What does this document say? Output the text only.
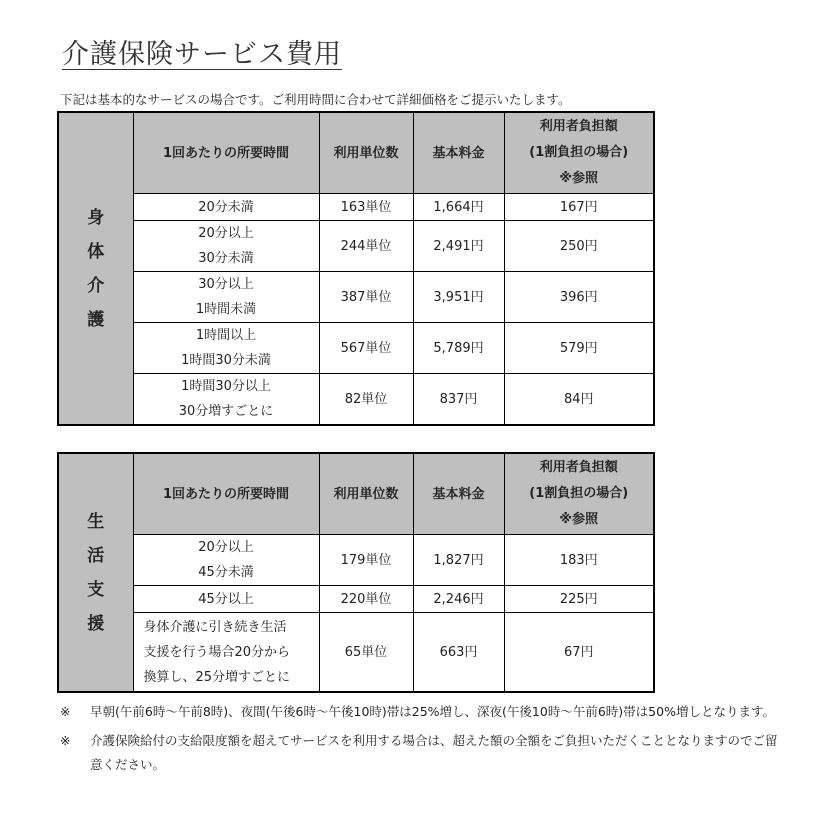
介護保険サービス費用
下記は基本的なサービスの場合です。ご利用時間に合わせて詳細価格をご提示いたします。
身
体
介
護	1回あたりの所要時間	利用単位数	基本料金	利用者負担額
(1割負担の場合)
※参照

	20分未満	163単位	1,664円	167円

	20分以上
30分未満	244単位	2,491円	250円

	30分以上
1時間未満	387単位	3,951円	396円

	1時間以上
1時間30分未満	567単位	5,789円	579円

	1時間30分以上
30分増すごとに	82単位	837円	84円
生
活
支
援	1回あたりの所要時間	利用単位数	基本料金	利用者負担額
(1割負担の場合)
※参照

	20分以上
45分未満	179単位	1,827円	183円

	45分以上	220単位	2,246円	225円

	身体介護に引き続き生活
支援を行う場合20分から
換算し、25分増すごとに	65単位	663円	67円
※	早朝(午前6時～午前8時)、夜間(午後6時～午後10時)帯は25%増し、深夜(午後10時～午前6時)帯は50%増しとなります。
※	介護保険給付の支給限度額を超えてサービスを利用する場合は、超えた額の全額をご負担いただくこととなりますのでご留意ください。
